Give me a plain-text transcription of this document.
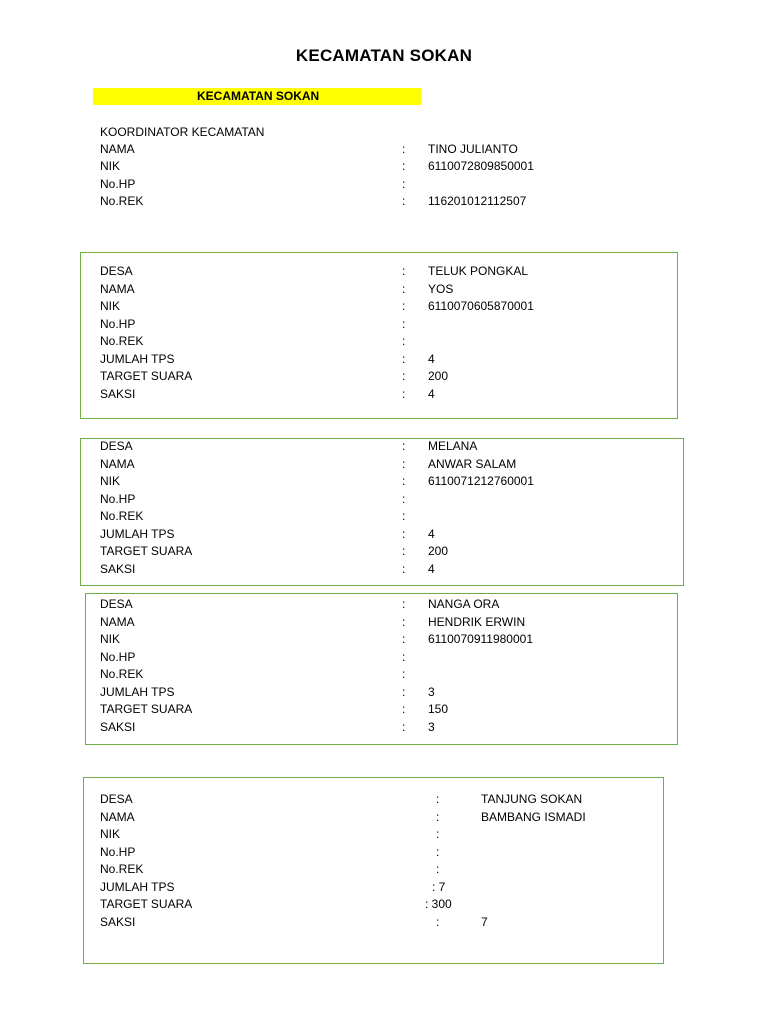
KECAMATAN SOKAN
KECAMATAN SOKAN
KOORDINATOR KECAMATAN
NAMA	: TINO JULIANTO
NIK	: 6110072809850001
No.HP	:
No.REK	: 116201012112507
DESA	: TELUK PONGKAL
NAMA	: YOS
NIK	: 6110070605870001
No.HP	:
No.REK	:
JUMLAH TPS	: 4
TARGET SUARA	: 200
SAKSI	: 4
DESA	: MELANA
NAMA	: ANWAR SALAM
NIK	: 6110071212760001
No.HP	:
No.REK	:
JUMLAH TPS	: 4
TARGET SUARA	: 200
SAKSI	: 4
DESA	: NANGA ORA
NAMA	: HENDRIK ERWIN
NIK	: 6110070911980001
No.HP	:
No.REK	:
JUMLAH TPS	: 3
TARGET SUARA	: 150
SAKSI	: 3
DESA	:	TANJUNG SOKAN
NAMA	:	BAMBANG ISMADI
NIK	:
No.HP	:
No.REK	:
JUMLAH TPS	: 7
TARGET SUARA	: 300
SAKSI	:	7
